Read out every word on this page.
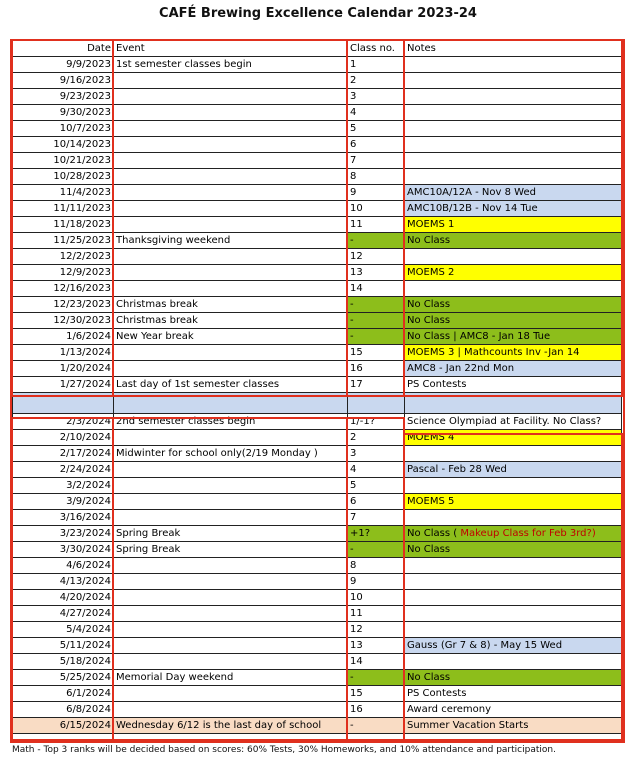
CAFÉ Brewing Excellence Calendar 2023-24
Date	Event	Class no.	Notes
9/9/2023	1st semester classes begin	1	
9/16/2023		2	
9/23/2023		3	
9/30/2023		4	
10/7/2023		5	
10/14/2023		6	
10/21/2023		7	
10/28/2023		8	
11/4/2023		9	AMC10A/12A - Nov 8 Wed
11/11/2023		10	AMC10B/12B - Nov 14 Tue
11/18/2023		11	MOEMS 1
11/25/2023	Thanksgiving weekend	-	No Class
12/2/2023		12	
12/9/2023		13	MOEMS 2
12/16/2023		14	
12/23/2023	Christmas break	-	No Class
12/30/2023	Christmas break	-	No Class
1/6/2024	New Year break	-	No Class | AMC8 - Jan 18 Tue
1/13/2024		15	MOEMS 3 | Mathcounts Inv -Jan 14
1/20/2024		16	AMC8 - Jan 22nd Mon
1/27/2024	Last day of 1st semester classes	17	PS Contests

2/3/2024	2nd semester classes begin	1/-1?	Science Olympiad at Facility. No Class?
2/10/2024		2	MOEMS 4
2/17/2024	Midwinter for school only(2/19 Monday )	3	
2/24/2024		4	Pascal - Feb 28 Wed
3/2/2024		5	
3/9/2024		6	MOEMS 5
3/16/2024		7	
3/23/2024	Spring Break	+1?	No Class ( Makeup Class for Feb 3rd?)
3/30/2024	Spring Break	-	No Class
4/6/2024		8	
4/13/2024		9	
4/20/2024		10	
4/27/2024		11	
5/4/2024		12	
5/11/2024		13	Gauss (Gr 7 & 8) - May 15 Wed
5/18/2024		14	
5/25/2024	Memorial Day weekend	-	No Class
6/1/2024		15	PS Contests
6/8/2024		16	Award ceremony
6/15/2024	Wednesday 6/12 is the last day of school	-	Summer Vacation Starts
Math - Top 3 ranks will be decided based on scores: 60% Tests, 30% Homeworks, and 10% attendance and participation.
